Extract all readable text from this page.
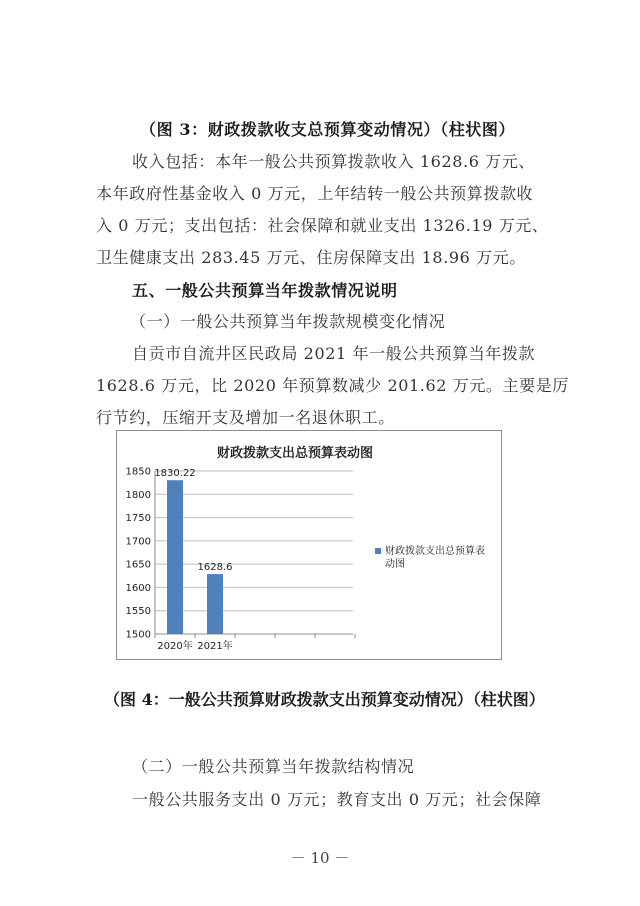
（图 3：财政拨款收支总预算变动情况）（柱状图）
收入包括：本年一般公共预算拨款收入 1628.6 万元、
本年政府性基金收入 0 万元，上年结转一般公共预算拨款收
入 0 万元；支出包括：社会保障和就业支出 1326.19 万元、
卫生健康支出 283.45 万元、住房保障支出 18.96 万元。
五、一般公共预算当年拨款情况说明
（一）一般公共预算当年拨款规模变化情况
自贡市自流井区民政局 2021 年一般公共预算当年拨款
1628.6 万元，比 2020 年预算数减少 201.62 万元。主要是厉
行节约，压缩开支及增加一名退休职工。
财政拨款支出总预算表动图
1500
1550
1600
1650
1700
1750
1800
1850 1830.22
2020年
1628.6
2021年
财政拨款支出总预算表
动图
（图 4：一般公共预算财政拨款支出预算变动情况）（柱状图）
（二）一般公共预算当年拨款结构情况
一般公共服务支出 0 万元；教育支出 0 万元；社会保障
－ 10 －
